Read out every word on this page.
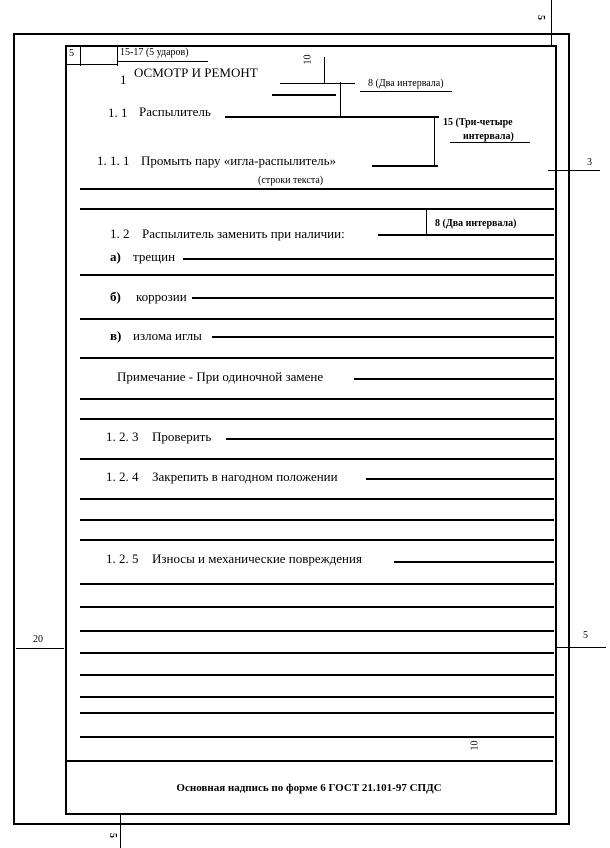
Основная надпись по форме 6 ГОСТ 21.101-97 СПДС
5
5	15-17 (5 ударов)
10
8 (Два интервала)
15 (Три-четыре
интервала)
3
(строки текста)
8 (Два интервала)
20	5
10
5
1 ОСМОТР И РЕМОНТ
1. 1 Распылитель
1. 1. 1 Промыть пару «игла-распылитель»
1. 2 Распылитель заменить при наличии:
а) трещин
б) коррозии
в) излома иглы
Примечание - При одиночной замене
1. 2. 3 Проверить
1. 2. 4 Закрепить в нагодном положении
1. 2. 5 Износы и механические повреждения
